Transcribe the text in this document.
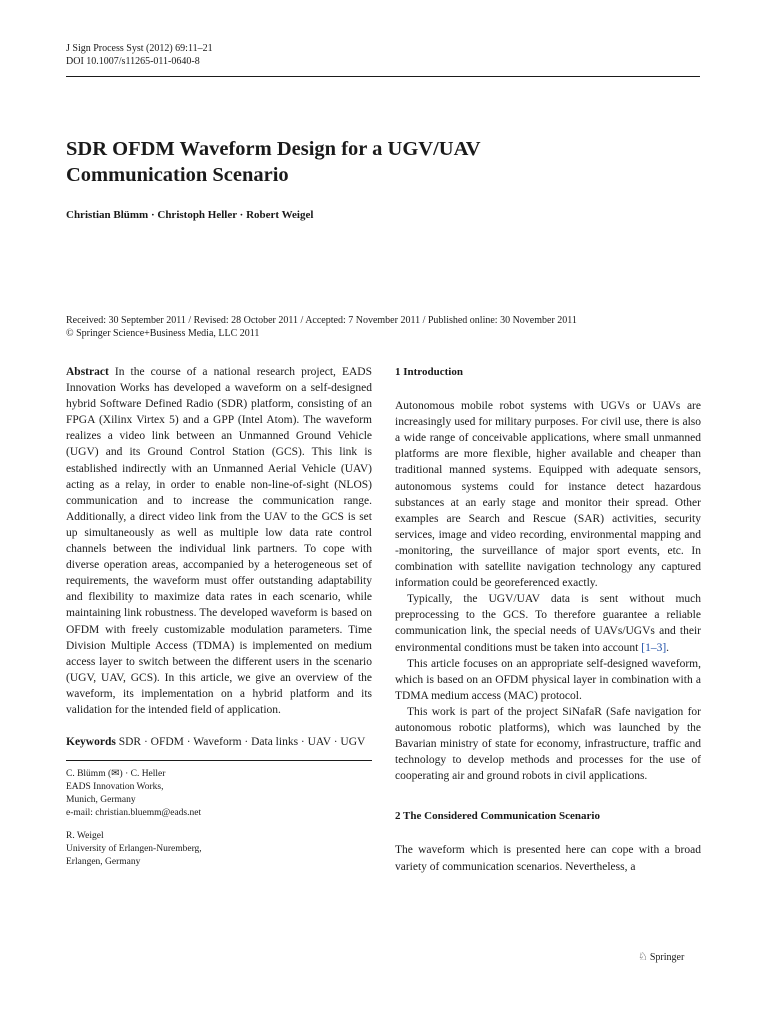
J Sign Process Syst (2012) 69:11–21
DOI 10.1007/s11265-011-0640-8
SDR OFDM Waveform Design for a UGV/UAV
Communication Scenario
Christian Blümm · Christoph Heller · Robert Weigel
Received: 30 September 2011 / Revised: 28 October 2011 / Accepted: 7 November 2011 / Published online: 30 November 2011
© Springer Science+Business Media, LLC 2011

Abstract In the course of a national research project, EADS Innovation Works has developed a waveform on a self-designed hybrid Software Defined Radio (SDR) platform, consisting of an FPGA (Xilinx Virtex 5) and a GPP (Intel Atom). The waveform realizes a video link between an Unmanned Ground Vehicle (UGV) and its Ground Control Station (GCS). This link is established indirectly with an Unmanned Aerial Vehicle (UAV) acting as a relay, in order to enable non-line-of-sight (NLOS) communication and to increase the communication range. Additionally, a direct video link from the UAV to the GCS is set up simultaneously as well as multiple low data rate control channels between the individual link partners. To cope with diverse operation areas, accompanied by a heterogeneous set of requirements, the waveform must offer outstanding adaptability and flexibility to maximize data rates in each scenario, while maintaining link robustness. The developed waveform is based on OFDM with freely customizable modulation parameters. Time Division Multiple Access (TDMA) is implemented on medium access layer to switch between the different users in the scenario (UGV, UAV, GCS). In this article, we give an overview of the waveform, its implementation on a hybrid platform and its validation for the intended field of application.

Keywords SDR · OFDM · Waveform · Data links · UAV · UGV

C. Blümm (✉) · C. Heller
EADS Innovation Works,
Munich, Germany
e-mail: christian.bluemm@eads.net
R. Weigel
University of Erlangen-Nuremberg,
Erlangen, Germany
1 Introduction

Autonomous mobile robot systems with UGVs or UAVs are increasingly used for military purposes. For civil use, there is also a wide range of conceivable applications, where small unmanned platforms are more flexible, higher available and cheaper than traditional manned systems. Equipped with adequate sensors, autonomous systems could for instance detect hazardous substances at an early stage and monitor their spread. Other examples are Search and Rescue (SAR) activities, security services, image and video recording, environmental mapping and -monitoring, the surveillance of major sport events, etc. In combination with satellite navigation technology any captured information could be georeferenced exactly.

Typically, the UGV/UAV data is sent without much preprocessing to the GCS. To therefore guarantee a reliable communication link, the special needs of UAVs/UGVs and their environmental conditions must be taken into account [1–3].

This article focuses on an appropriate self-designed waveform, which is based on an OFDM physical layer in combination with a TDMA medium access (MAC) protocol.

This work is part of the project SiNafaR (Safe navigation for autonomous robotic platforms), which was launched by the Bavarian ministry of state for economy, infrastructure, traffic and technology to develop methods and processes for the use of cooperating air and ground robots in civil applications.

2 The Considered Communication Scenario

The waveform which is presented here can cope with a broad variety of communication scenarios. Nevertheless, a

♘ Springer
